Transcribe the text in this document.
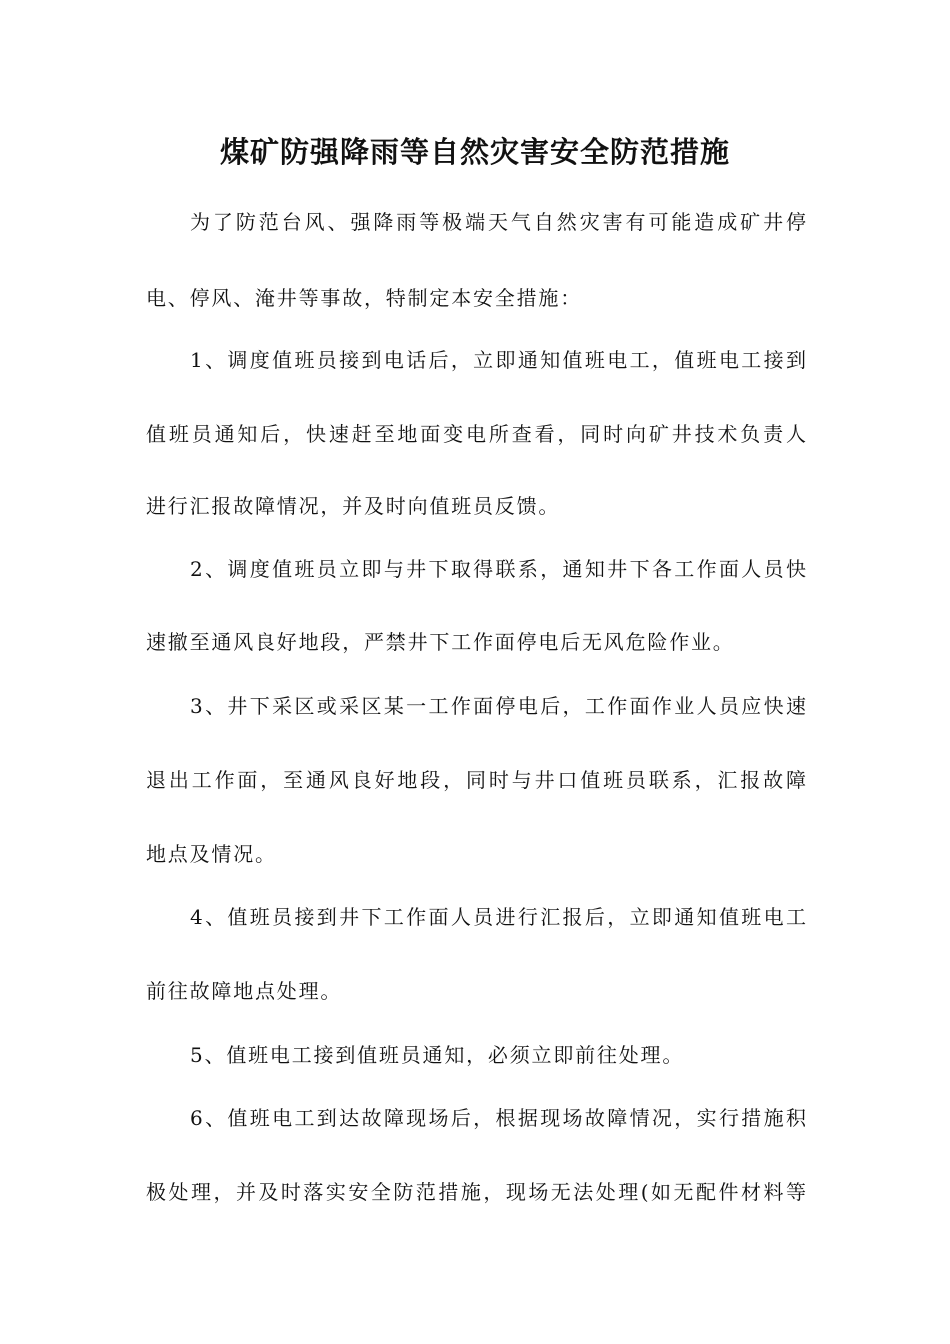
煤矿防强降雨等自然灾害安全防范措施

为了防范台风、强降雨等极端天气自然灾害有可能造成矿井停

电、停风、淹井等事故，特制定本安全措施：

1、调度值班员接到电话后，立即通知值班电工，值班电工接到

值班员通知后，快速赶至地面变电所查看，同时向矿井技术负责人

进行汇报故障情况，并及时向值班员反馈。

2、调度值班员立即与井下取得联系，通知井下各工作面人员快

速撤至通风良好地段，严禁井下工作面停电后无风危险作业。

3、井下采区或采区某一工作面停电后，工作面作业人员应快速

退出工作面，至通风良好地段，同时与井口值班员联系，汇报故障

地点及情况。

4、值班员接到井下工作面人员进行汇报后，立即通知值班电工

前往故障地点处理。

5、值班电工接到值班员通知，必须立即前往处理。

6、值班电工到达故障现场后，根据现场故障情况，实行措施积

极处理，并及时落实安全防范措施，现场无法处理(如无配件材料等
